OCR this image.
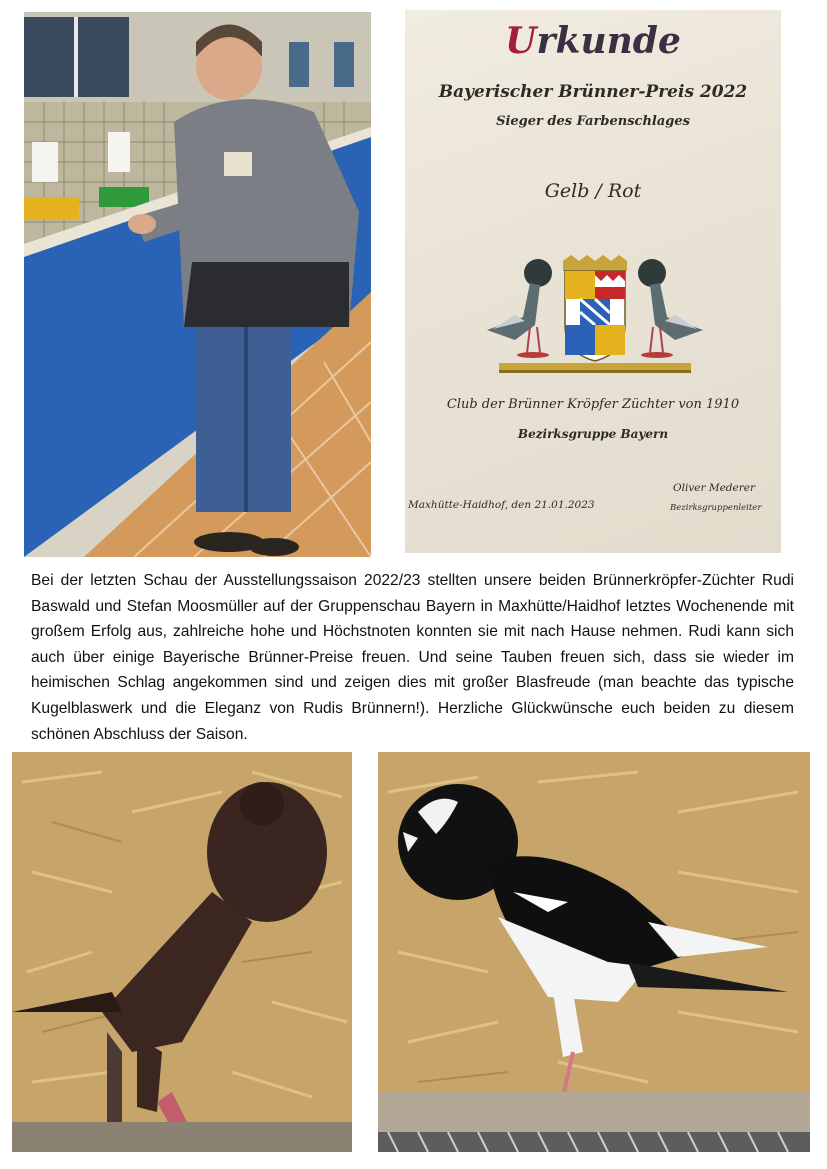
Urkunde
Bayerischer Brünner-Preis 2022
Sieger des Farbenschlages
Gelb / Rot
Club der Brünner Kröpfer Züchter von 1910
Bezirksgruppe Bayern
Maxhütte-Haidhof, den 21.01.2023
Oliver Mederer
Bezirksgruppenleiter

Bei der letzten Schau der Ausstellungssaison 2022/23 stellten unsere beiden Brünnerkröpfer-Züchter Rudi Baswald und Stefan Moosmüller auf der Gruppenschau Bayern in Maxhütte/Haidhof letztes Wochenende mit großem Erfolg aus, zahlreiche hohe und Höchstnoten konnten sie mit nach Hause nehmen. Rudi kann sich auch über einige Bayerische Brünner-Preise freuen. Und seine Tauben freuen sich, dass sie wieder im heimischen Schlag angekommen sind und zeigen dies mit großer Blasfreude (man beachte das typische Kugelblaswerk und die Eleganz von Rudis Brünnern!). Herzliche Glückwünsche euch beiden zu diesem schönen Abschluss der Saison.
